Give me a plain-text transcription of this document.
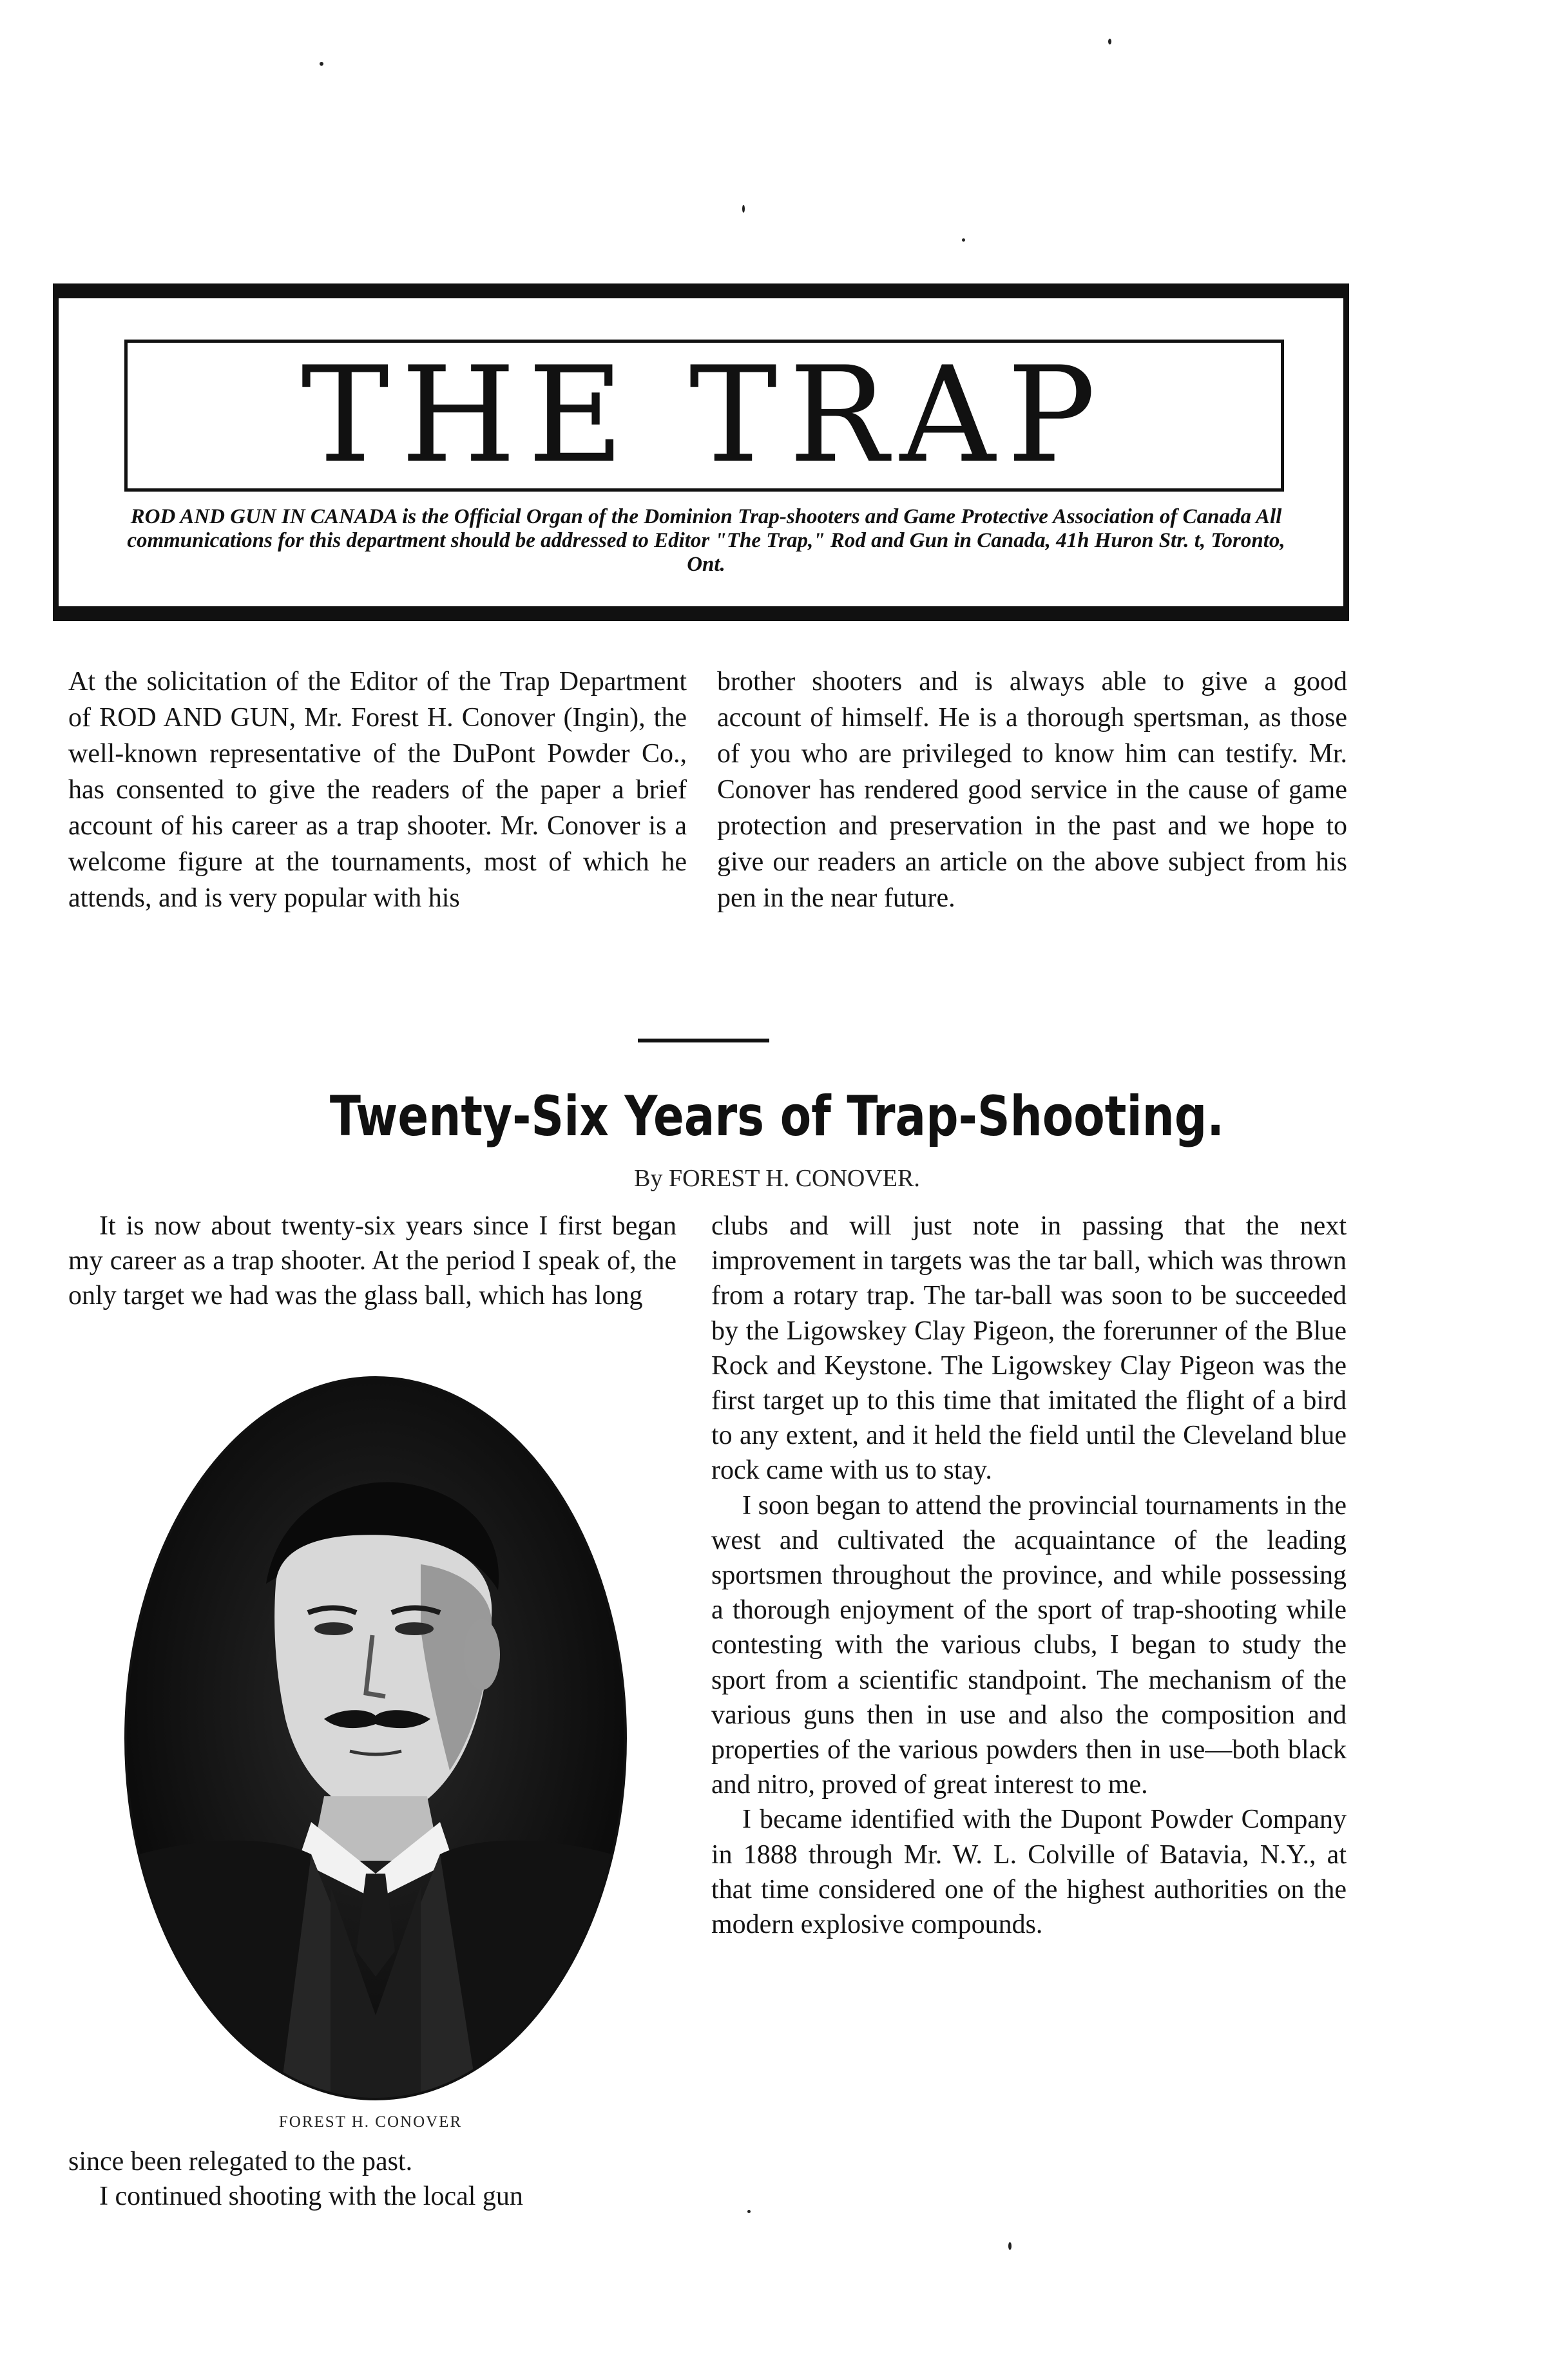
THE TRAP
ROD AND GUN IN CANADA is the Official Organ of the Dominion Trap-shooters and Game Protective Association of Canada All communications for this department should be addressed to Editor "The Trap," Rod and Gun in Canada, 41h Huron Str. t, Toronto, Ont.

At the solicitation of the Editor of the Trap Department of ROD AND GUN, Mr. Forest H. Conover (Ingin), the well-known representative of the DuPont Powder Co., has consented to give the readers of the paper a brief account of his career as a trap shooter. Mr. Conover is a welcome figure at the tournaments, most of which he attends, and is very popular with his

brother shooters and is always able to give a good account of himself. He is a thorough spertsman, as those of you who are privileged to know him can testify. Mr. Conover has rendered good service in the cause of game protection and preservation in the past and we hope to give our readers an article on the above subject from his pen in the near future.

Twenty-Six Years of Trap-Shooting.
By FOREST H. CONOVER.

It is now about twenty-six years since I first began my career as a trap shooter. At the period I speak of, the only target we had was the glass ball, which has long

FOREST H. CONOVER

since been relegated to the past.

I continued shooting with the local gun

clubs and will just note in passing that the next improvement in targets was the tar ball, which was thrown from a rotary trap. The tar-ball was soon to be succeeded by the Ligowskey Clay Pigeon, the forerunner of the Blue Rock and Keystone. The Ligowskey Clay Pigeon was the first target up to this time that imitated the flight of a bird to any extent, and it held the field until the Cleveland blue rock came with us to stay.

I soon began to attend the provincial tournaments in the west and cultivated the acquaintance of the leading sportsmen throughout the province, and while possessing a thorough enjoyment of the sport of trap-shooting while contesting with the various clubs, I began to study the sport from a scientific standpoint. The mechanism of the various guns then in use and also the composition and properties of the various powders then in use—both black and nitro, proved of great interest to me.

I became identified with the Dupont Powder Company in 1888 through Mr. W. L. Colville of Batavia, N.Y., at that time considered one of the highest authorities on the modern explosive compounds.
